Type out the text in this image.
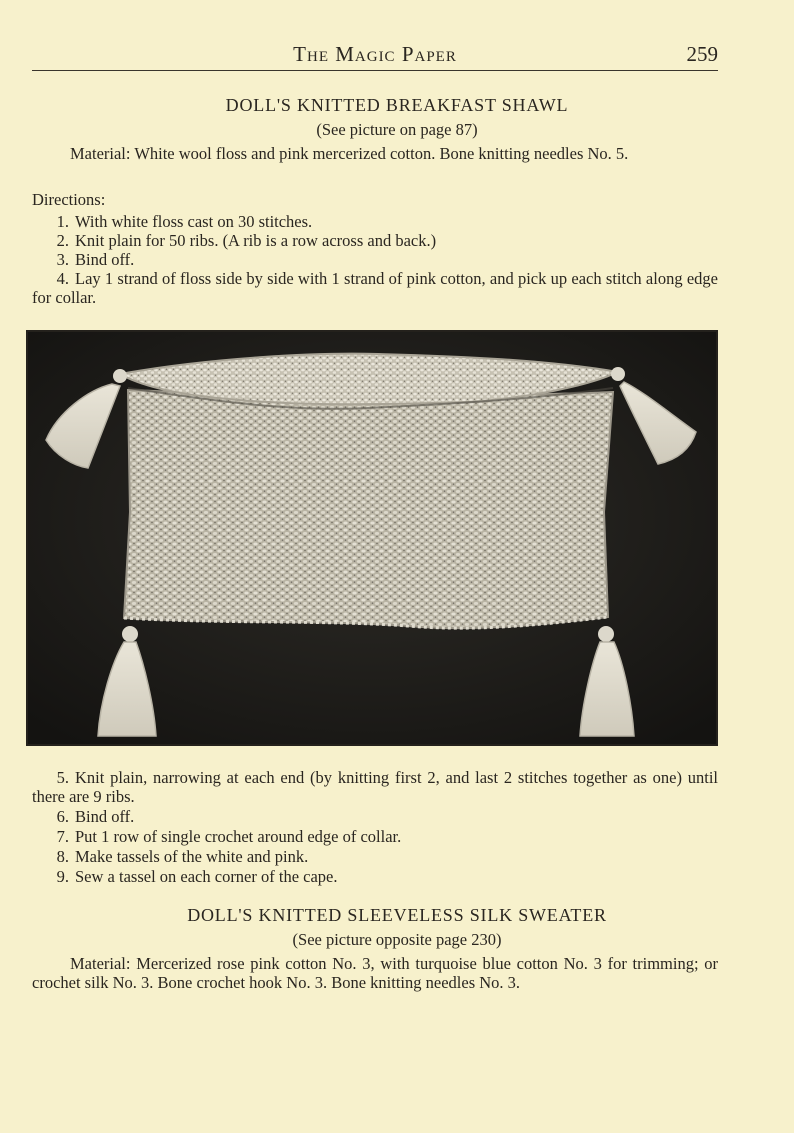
The Magic Paper	259
DOLL'S KNITTED BREAKFAST SHAWL
(See picture on page 87)
Material: White wool floss and pink mercerized cotton. Bone knitting needles No. 5.
Directions:
1. With white floss cast on 30 stitches.
2. Knit plain for 50 ribs. (A rib is a row across and back.)
3. Bind off.
4. Lay 1 strand of floss side by side with 1 strand of pink cotton, and pick up each stitch along edge for collar.
5. Knit plain, narrowing at each end (by knitting first 2, and last 2 stitches together as one) until there are 9 ribs.
6. Bind off.
7. Put 1 row of single crochet around edge of collar.
8. Make tassels of the white and pink.
9. Sew a tassel on each corner of the cape.
DOLL'S KNITTED SLEEVELESS SILK SWEATER
(See picture opposite page 230)
Material: Mercerized rose pink cotton No. 3, with turquoise blue cotton No. 3 for trimming; or crochet silk No. 3. Bone crochet hook No. 3. Bone knitting needles No. 3.
